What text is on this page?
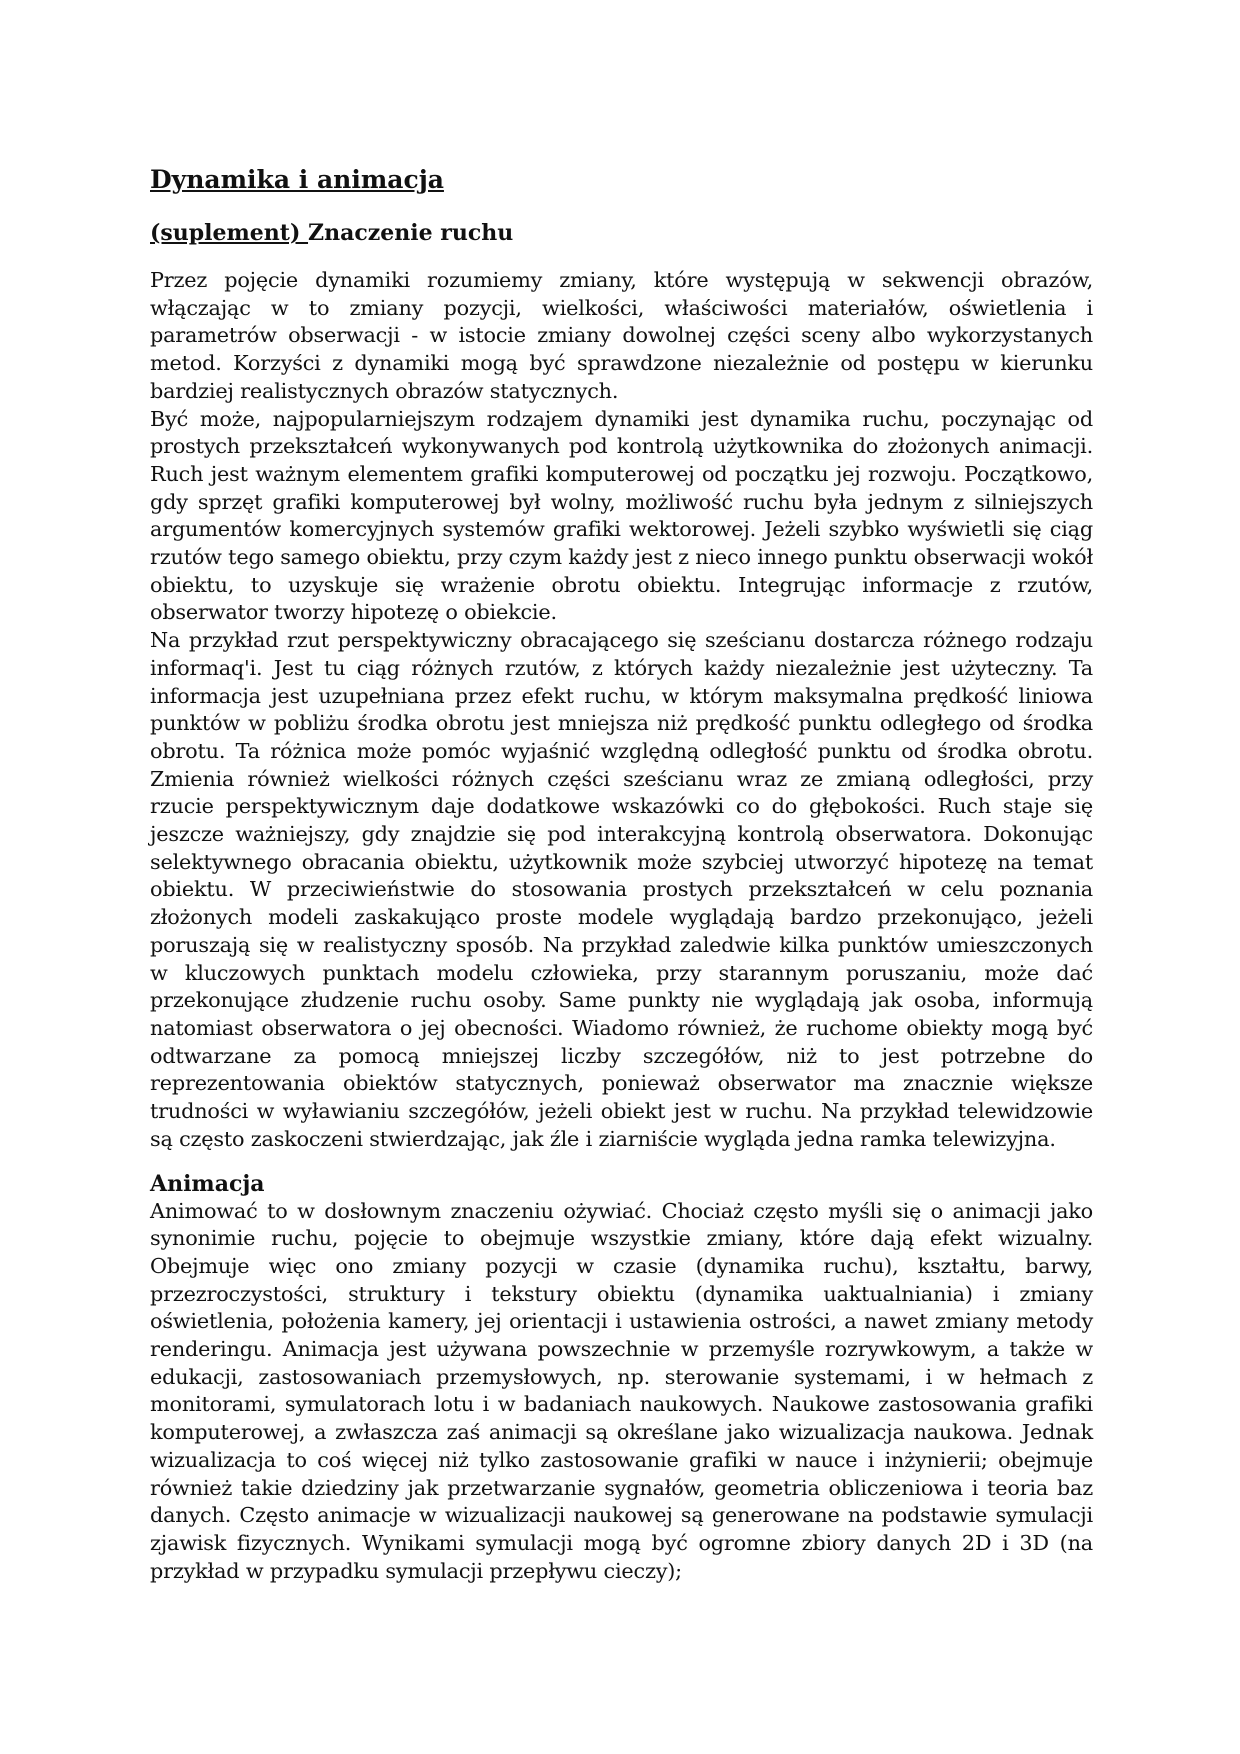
Dynamika i animacja
(suplement) Znaczenie ruchu

Przez pojęcie dynamiki rozumiemy zmiany, które występują w sekwencji obrazów, włączając w to zmiany pozycji, wielkości, właściwości materiałów, oświetlenia i parametrów obserwacji - w istocie zmiany dowolnej części sceny albo wykorzystanych metod. Korzyści z dynamiki mogą być sprawdzone niezależnie od postępu w kierunku bardziej realistycznych obrazów statycznych.

Być może, najpopularniejszym rodzajem dynamiki jest dynamika ruchu, poczynając od prostych przekształceń wykonywanych pod kontrolą użytkownika do złożonych animacji. Ruch jest ważnym elementem grafiki komputerowej od początku jej rozwoju. Początkowo, gdy sprzęt grafiki komputerowej był wolny, możliwość ruchu była jednym z silniejszych argumentów komercyjnych systemów grafiki wektorowej. Jeżeli szybko wyświetli się ciąg rzutów tego samego obiektu, przy czym każdy jest z nieco innego punktu obserwacji wokół obiektu, to uzyskuje się wrażenie obrotu obiektu. Integrując informacje z rzutów, obserwator tworzy hipotezę o obiekcie.

Na przykład rzut perspektywiczny obracającego się sześcianu dostarcza różnego rodzaju informaq'i. Jest tu ciąg różnych rzutów, z których każdy niezależnie jest użyteczny. Ta informacja jest uzupełniana przez efekt ruchu, w którym maksymalna prędkość liniowa punktów w pobliżu środka obrotu jest mniejsza niż prędkość punktu odległego od środka obrotu. Ta różnica może pomóc wyjaśnić względną odległość punktu od środka obrotu. Zmienia również wielkości różnych części sześcianu wraz ze zmianą odległości, przy rzucie perspektywicznym daje dodatkowe wskazówki co do głębokości. Ruch staje się jeszcze ważniejszy, gdy znajdzie się pod interakcyjną kontrolą obserwatora. Dokonując selektywnego obracania obiektu, użytkownik może szybciej utworzyć hipotezę na temat obiektu. W przeciwieństwie do stosowania prostych przekształceń w celu poznania złożonych modeli zaskakująco proste modele wyglądają bardzo przekonująco, jeżeli poruszają się w realistyczny sposób. Na przykład zaledwie kilka punktów umieszczonych w kluczowych punktach modelu człowieka, przy starannym poruszaniu, może dać przekonujące złudzenie ruchu osoby. Same punkty nie wyglądają jak osoba, informują natomiast obserwatora o jej obecności. Wiadomo również, że ruchome obiekty mogą być odtwarzane za pomocą mniejszej liczby szczegółów, niż to jest potrzebne do reprezentowania obiektów statycznych, ponieważ obserwator ma znacznie większe trudności w wyławianiu szczegółów, jeżeli obiekt jest w ruchu. Na przykład telewidzowie są często zaskoczeni stwierdzając, jak źle i ziarniście wygląda jedna ramka telewizyjna.

Animacja

Animować to w dosłownym znaczeniu ożywiać. Chociaż często myśli się o animacji jako synonimie ruchu, pojęcie to obejmuje wszystkie zmiany, które dają efekt wizualny. Obejmuje więc ono zmiany pozycji w czasie (dynamika ruchu), kształtu, barwy, przezroczystości, struktury i tekstury obiektu (dynamika uaktualniania) i zmiany oświetlenia, położenia kamery, jej orientacji i ustawienia ostrości, a nawet zmiany metody renderingu. Animacja jest używana powszechnie w przemyśle rozrywkowym, a także w edukacji, zastosowaniach przemysłowych, np. sterowanie systemami, i w hełmach z monitorami, symulatorach lotu i w badaniach naukowych. Naukowe zastosowania grafiki komputerowej, a zwłaszcza zaś animacji są określane jako wizualizacja naukowa. Jednak wizualizacja to coś więcej niż tylko zastosowanie grafiki w nauce i inżynierii; obejmuje również takie dziedziny jak przetwarzanie sygnałów, geometria obliczeniowa i teoria baz danych. Często animacje w wizualizacji naukowej są generowane na podstawie symulacji zjawisk fizycznych. Wynikami symulacji mogą być ogromne zbiory danych 2D i 3D (na przykład w przypadku symulacji przepływu cieczy);
